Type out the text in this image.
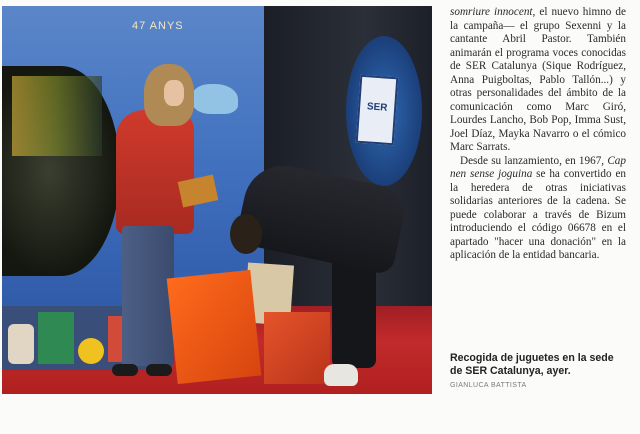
47 ANYS
SER

somriure innocent, el nuevo himno de la campaña— el grupo Sexenni y la cantante Abril Pastor. También animarán el programa voces conocidas de SER Catalunya (Sique Rodríguez, Anna Puigboltas, Pablo Tallón...) y otras personalidades del ámbito de la comunicación como Marc Giró, Lourdes Lancho, Bob Pop, Imma Sust, Joel Díaz, Mayka Navarro o el cómico Marc Sarrats.

Desde su lanzamiento, en 1967, Cap nen sense joguina se ha convertido en la heredera de otras iniciativas solidarias anteriores de la cadena. Se puede colaborar a través de Bizum introduciendo el código 06678 en el apartado "hacer una donación" en la aplicación de la entidad bancaria.

Recogida de juguetes en la sede de SER Catalunya, ayer.
GIANLUCA BATTISTA
